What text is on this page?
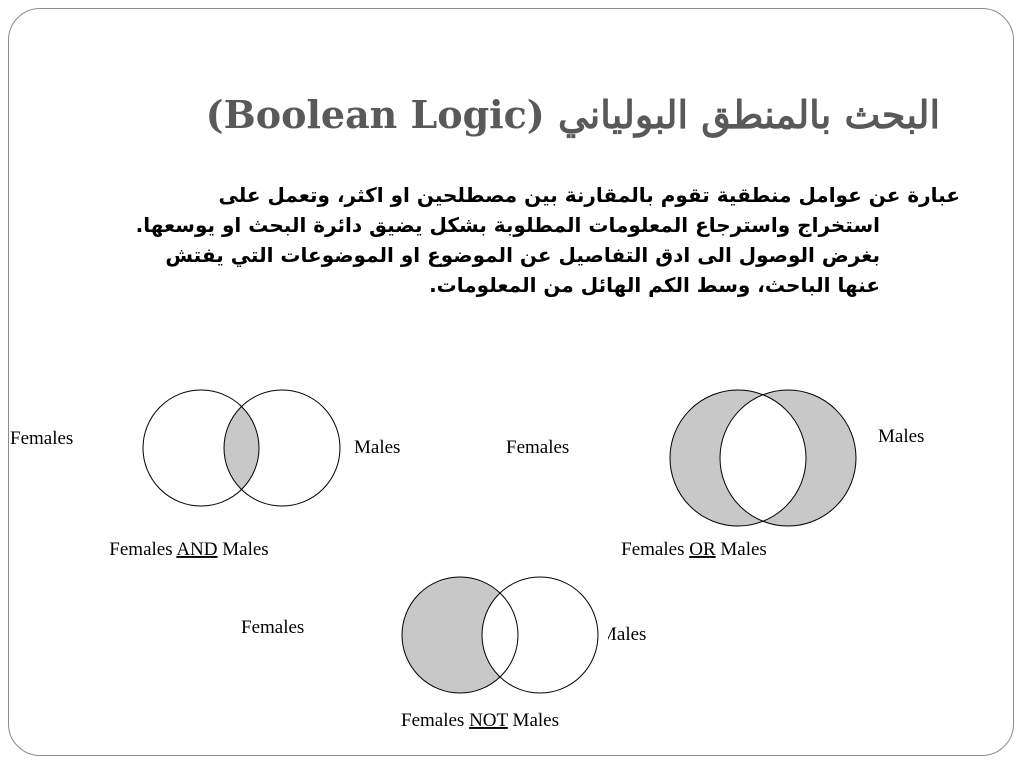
البحث بالمنطق البولياني (Boolean Logic)
عبارة عن عوامل منطقية تقوم بالمقارنة بين مصطلحين او اكثر، وتعمل على
استخراج واسترجاع المعلومات المطلوبة بشكل يضيق دائرة البحث او يوسعها.
بغرض الوصول الى ادق التفاصيل عن الموضوع او الموضوعات التي يفتش
عنها الباحث، وسط الكم الهائل من المعلومات.
Females	Males
Females AND Males
Females
Males
Females OR Males
Females	Males
Females NOT Males
